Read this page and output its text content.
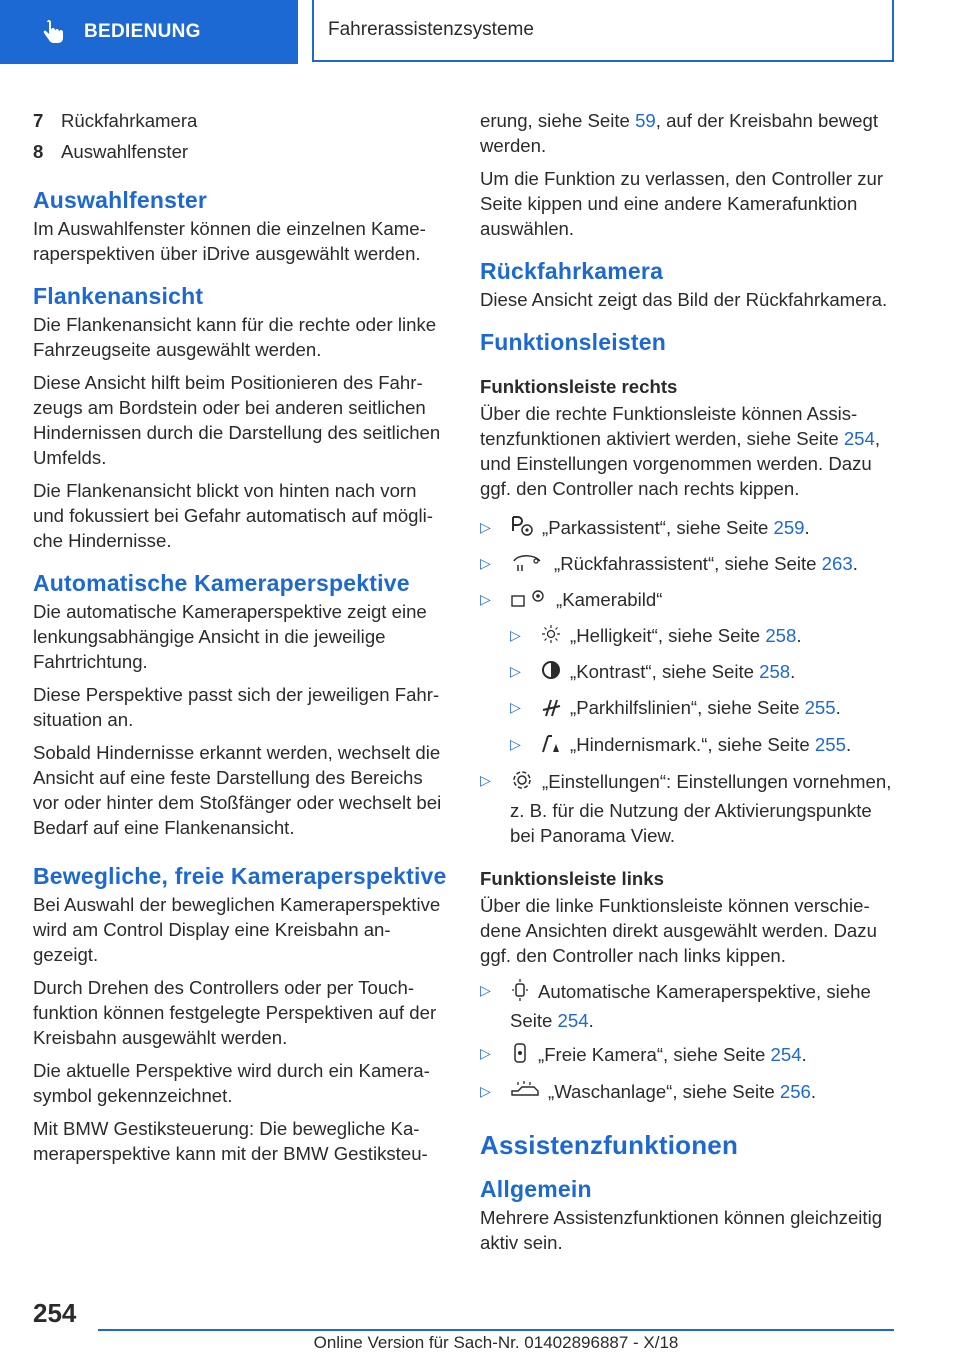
BEDIENUNG	Fahrerassistenzsysteme
7 Rückfahrkamera
8 Auswahlfenster
Auswahlfenster

Im Auswahlfenster können die einzelnen Kameraperspektiven über iDrive ausgewählt werden.

Flankenansicht

Die Flankenansicht kann für die rechte oder linke Fahrzeugseite ausgewählt werden.

Diese Ansicht hilft beim Positionieren des Fahrzeugs am Bordstein oder bei anderen seitlichen Hindernissen durch die Darstellung des seitlichen Umfelds.

Die Flankenansicht blickt von hinten nach vorn und fokussiert bei Gefahr automatisch auf mögliche Hindernisse.

Automatische Kameraperspektive

Die automatische Kameraperspektive zeigt eine lenkungsabhängige Ansicht in die jeweilige Fahrtrichtung.

Diese Perspektive passt sich der jeweiligen Fahrsituation an.

Sobald Hindernisse erkannt werden, wechselt die Ansicht auf eine feste Darstellung des Bereichs vor oder hinter dem Stoßfänger oder wechselt bei Bedarf auf eine Flankenansicht.

Bewegliche, freie Kameraperspektive

Bei Auswahl der beweglichen Kameraperspektive wird am Control Display eine Kreisbahn angezeigt.

Durch Drehen des Controllers oder per Touchfunktion können festgelegte Perspektiven auf der Kreisbahn ausgewählt werden.

Die aktuelle Perspektive wird durch ein Kamerasymbol gekennzeichnet.

Mit BMW Gestiksteuerung: Die bewegliche Kameraperspektive kann mit der BMW Gestiksteu-

erung, siehe Seite 59, auf der Kreisbahn bewegt werden.

Um die Funktion zu verlassen, den Controller zur Seite kippen und eine andere Kamerafunktion auswählen.

Rückfahrkamera

Diese Ansicht zeigt das Bild der Rückfahrkamera.

Funktionsleisten
Funktionsleiste rechts

Über die rechte Funktionsleiste können Assistenzfunktionen aktiviert werden, siehe Seite 254, und Einstellungen vorgenommen werden. Dazu ggf. den Controller nach rechts kippen.

▷	„Parkassistent“, siehe Seite 259.
▷	„Rückfahrassistent“, siehe Seite 263.
▷	„Kamerabild“
▷	„Helligkeit“, siehe Seite 258.
▷	„Kontrast“, siehe Seite 258.
▷	„Parkhilfslinien“, siehe Seite 255.
▷	„Hindernismark.“, siehe Seite 255.
▷	„Einstellungen“: Einstellungen vornehmen, z. B. für die Nutzung der Aktivierungspunkte bei Panorama View.
Funktionsleiste links

Über die linke Funktionsleiste können verschiedene Ansichten direkt ausgewählt werden. Dazu ggf. den Controller nach links kippen.

▷	Automatische Kameraperspektive, siehe Seite 254.
▷	„Freie Kamera“, siehe Seite 254.
▷	„Waschanlage“, siehe Seite 256.
Assistenzfunktionen
Allgemein

Mehrere Assistenzfunktionen können gleichzeitig aktiv sein.

254
Online Version für Sach-Nr. 01402896887 - X/18
